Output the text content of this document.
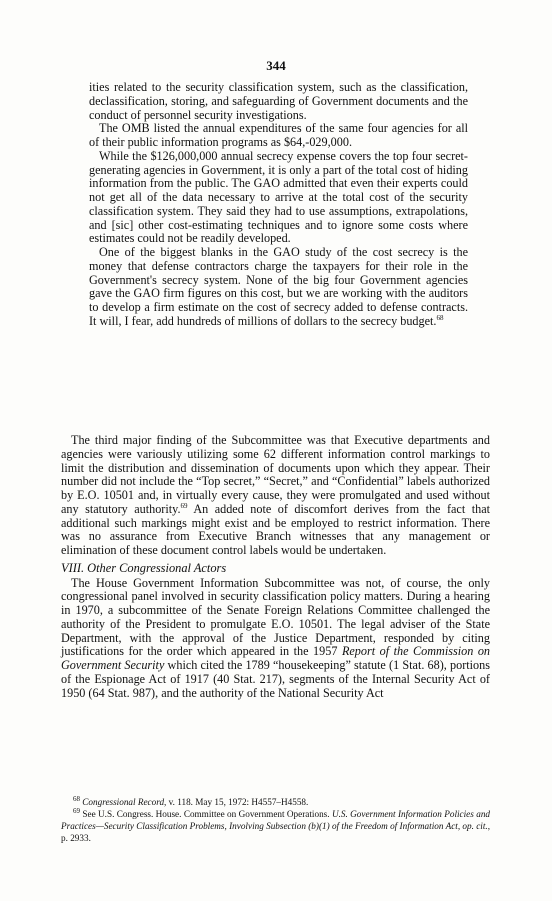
344

ities related to the security classification system, such as the classification, declassification, storing, and safeguarding of Government documents and the conduct of personnel security investigations.

The OMB listed the annual expenditures of the same four agencies for all of their public information programs as $64,-029,000.

While the $126,000,000 annual secrecy expense covers the top four secret-generating agencies in Government, it is only a part of the total cost of hiding information from the public. The GAO admitted that even their experts could not get all of the data necessary to arrive at the total cost of the security classification system. They said they had to use assumptions, extrapolations, and [sic] other cost-estimating techniques and to ignore some costs where estimates could not be readily developed.

One of the biggest blanks in the GAO study of the cost secrecy is the money that defense contractors charge the taxpayers for their role in the Government's secrecy system. None of the big four Government agencies gave the GAO firm figures on this cost, but we are working with the auditors to develop a firm estimate on the cost of secrecy added to defense contracts. It will, I fear, add hundreds of millions of dollars to the secrecy budget.$^{68}$

The third major finding of the Subcommittee was that Executive departments and agencies were variously utilizing some 62 different information control markings to limit the distribution and dissemination of documents upon which they appear. Their number did not include the “Top secret,” “Secret,” and “Confidential” labels authorized by E.O. 10501 and, in virtually every cause, they were promulgated and used without any statutory authority.$^{69}$ An added note of discomfort derives from the fact that additional such markings might exist and be employed to restrict information. There was no assurance from Executive Branch witnesses that any management or elimination of these document control labels would be undertaken.

VIII. Other Congressional Actors

The House Government Information Subcommittee was not, of course, the only congressional panel involved in security classification policy matters. During a hearing in 1970, a subcommittee of the Senate Foreign Relations Committee challenged the authority of the President to promulgate E.O. 10501. The legal adviser of the State Department, with the approval of the Justice Department, responded by citing justifications for the order which appeared in the 1957 Report of the Commission on Government Security which cited the 1789 “housekeeping” statute (1 Stat. 68), portions of the Espionage Act of 1917 (40 Stat. 217), segments of the Internal Security Act of 1950 (64 Stat. 987), and the authority of the National Security Act

$^{68}$ Congressional Record, v. 118. May 15, 1972: H4557–H4558.

$^{69}$ See U.S. Congress. House. Committee on Government Operations. U.S. Government Information Policies and Practices—Security Classification Problems, Involving Subsection (b)(1) of the Freedom of Information Act, op. cit., p. 2933.
